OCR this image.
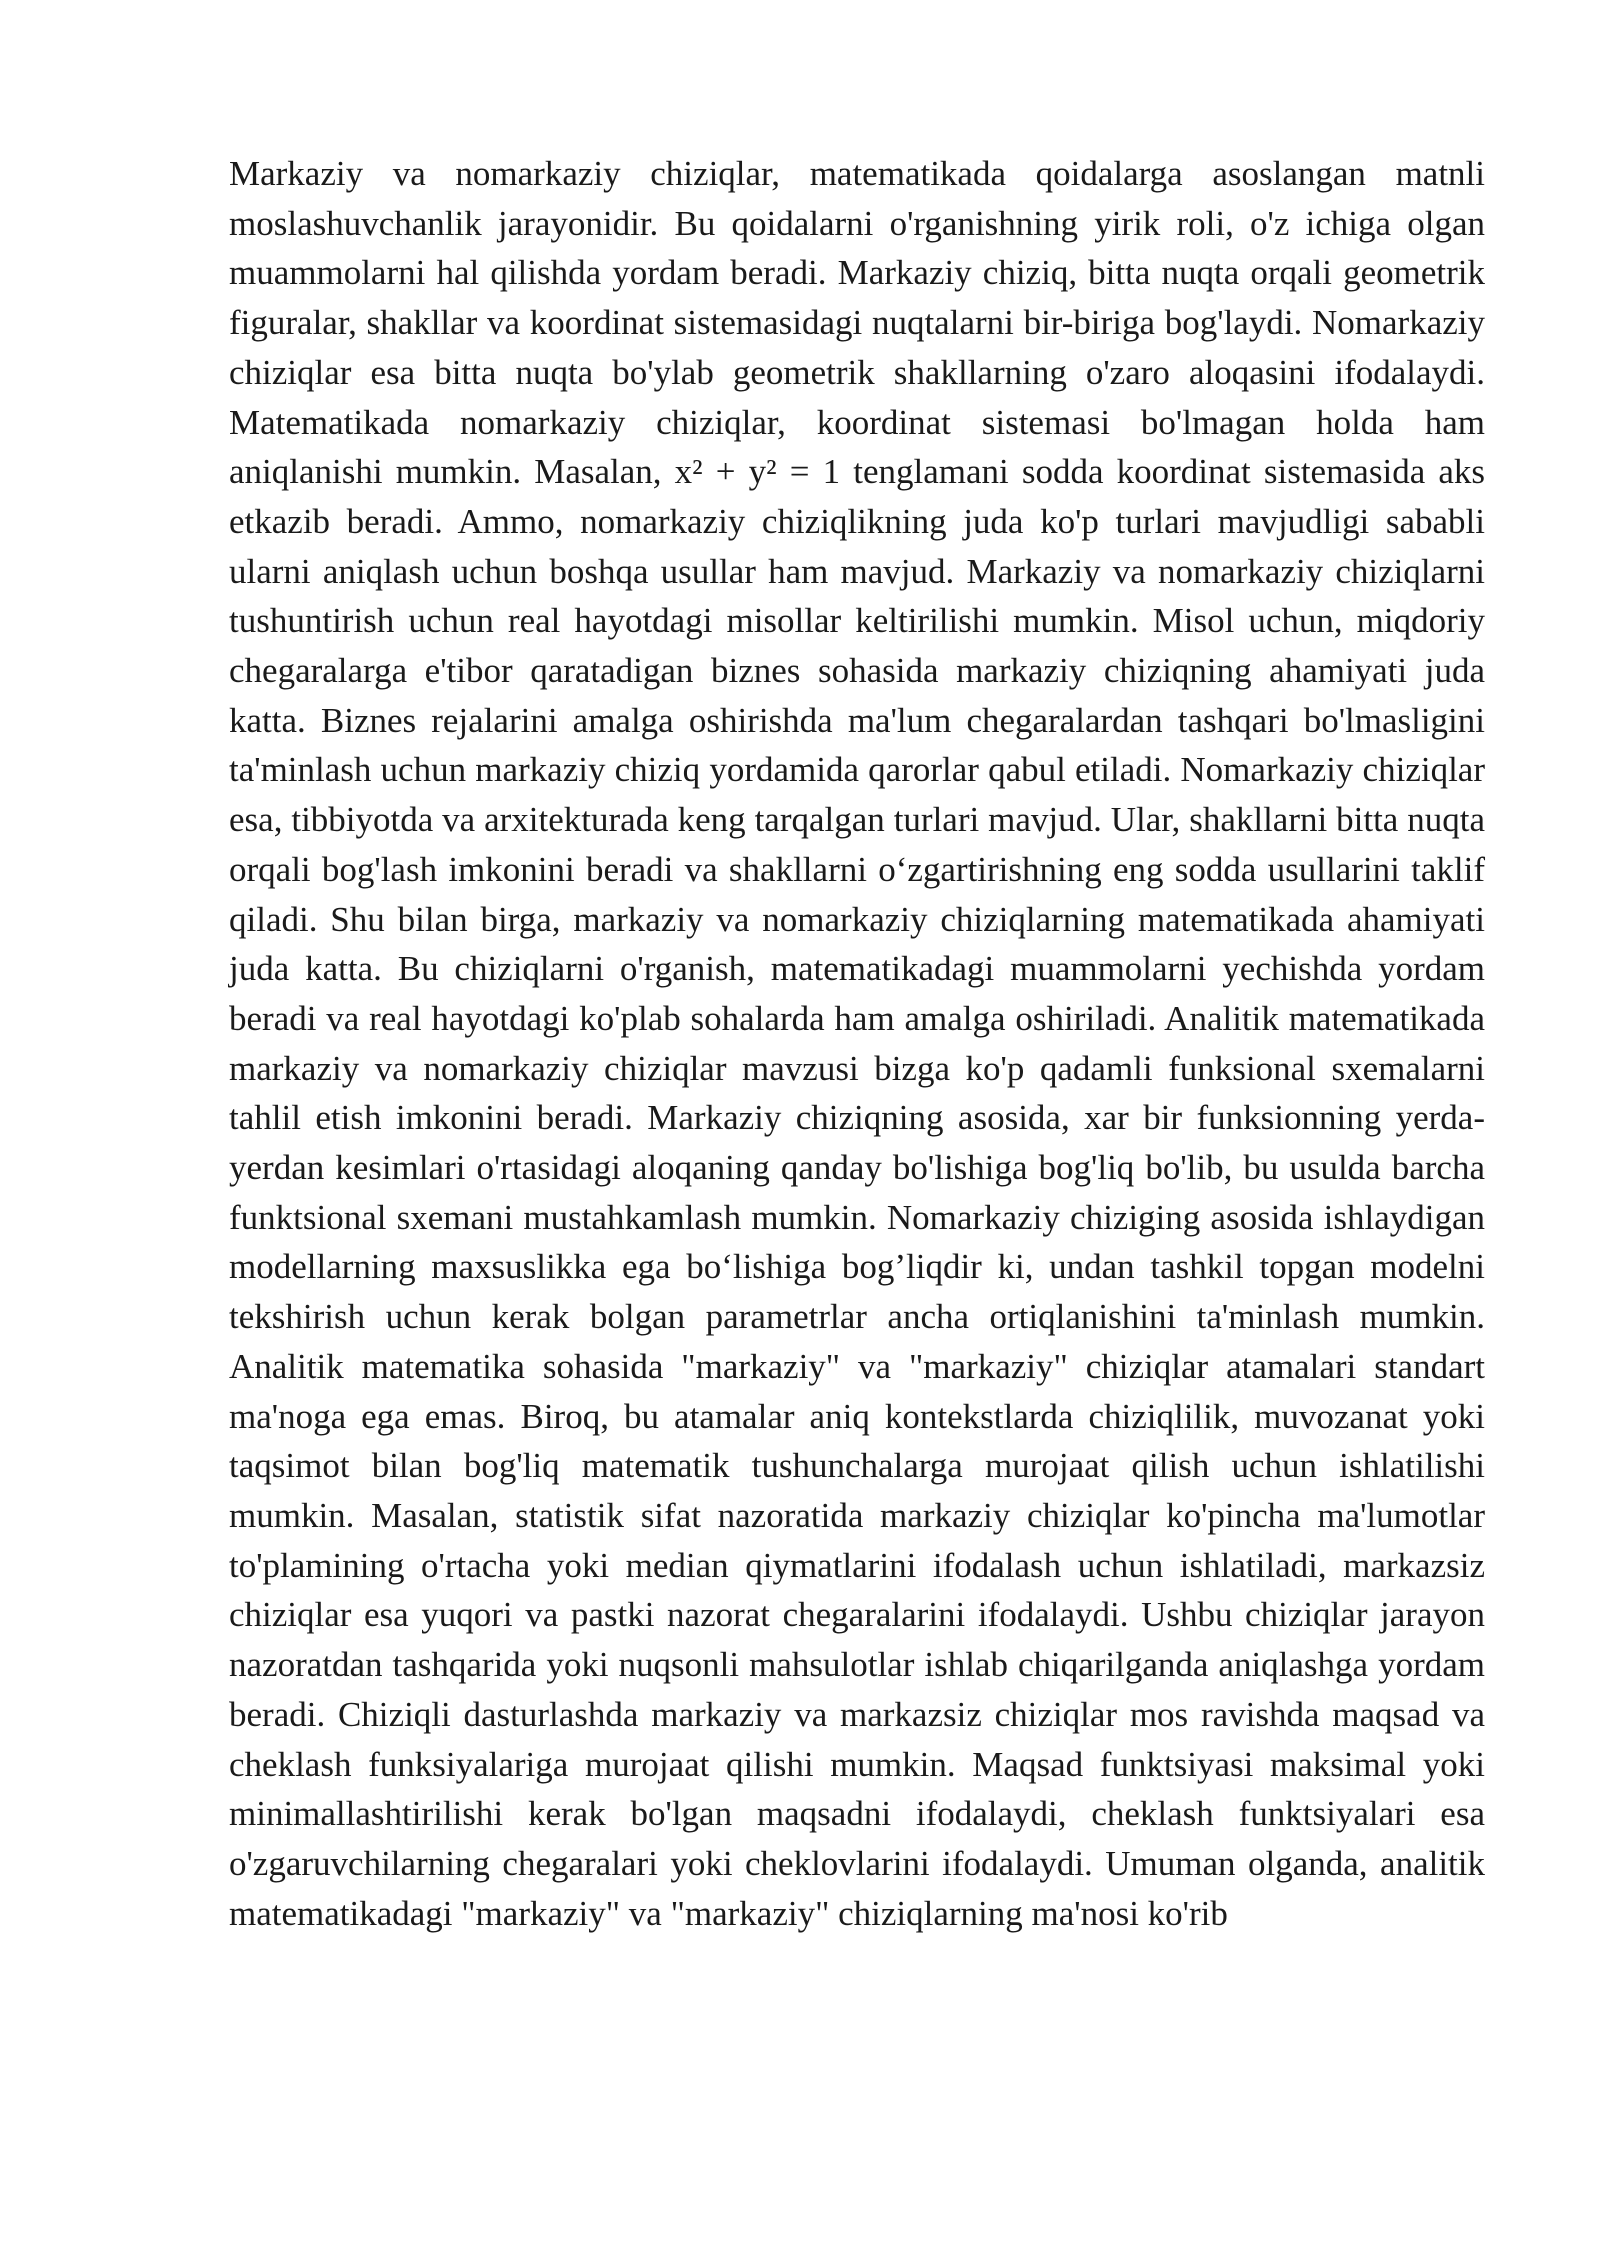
Markaziy va nomarkaziy chiziqlar, matematikada qoidalarga asoslangan matnli moslashuvchanlik jarayonidir. Bu qoidalarni o'rganishning yirik roli, o'z ichiga olgan muammolarni hal qilishda yordam beradi. Markaziy chiziq, bitta nuqta orqali geometrik figuralar, shakllar va koordinat sistemasidagi nuqtalarni bir-biriga bog'laydi. Nomarkaziy chiziqlar esa bitta nuqta bo'ylab geometrik shakllarning o'zaro aloqasini ifodalaydi. Matematikada nomarkaziy chiziqlar, koordinat sistemasi bo'lmagan holda ham aniqlanishi mumkin. Masalan, x² + y² = 1 tenglamani sodda koordinat sistemasida aks etkazib beradi. Ammo, nomarkaziy chiziqlikning juda ko'p turlari mavjudligi sababli ularni aniqlash uchun boshqa usullar ham mavjud. Markaziy va nomarkaziy chiziqlarni tushuntirish uchun real hayotdagi misollar keltirilishi mumkin. Misol uchun, miqdoriy chegaralarga e'tibor qaratadigan biznes sohasida markaziy chiziqning ahamiyati juda katta. Biznes rejalarini amalga oshirishda ma'lum chegaralardan tashqari bo'lmasligini ta'minlash uchun markaziy chiziq yordamida qarorlar qabul etiladi. Nomarkaziy chiziqlar esa, tibbiyotda va arxitekturada keng tarqalgan turlari mavjud. Ular, shakllarni bitta nuqta orqali bog'lash imkonini beradi va shakllarni o‘zgartirishning eng sodda usullarini taklif qiladi. Shu bilan birga, markaziy va nomarkaziy chiziqlarning matematikada ahamiyati juda katta. Bu chiziqlarni o'rganish, matematikadagi muammolarni yechishda yordam beradi va real hayotdagi ko'plab sohalarda ham amalga oshiriladi. Analitik matematikada markaziy va nomarkaziy chiziqlar mavzusi bizga ko'p qadamli funksional sxemalarni tahlil etish imkonini beradi. Markaziy chiziqning asosida, xar bir funksionning yerda-yerdan kesimlari o'rtasidagi aloqaning qanday bo'lishiga bog'liq bo'lib, bu usulda barcha funktsional sxemani mustahkamlash mumkin. Nomarkaziy chiziging asosida ishlaydigan modellarning maxsuslikka ega bo‘lishiga bog’liqdir ki, undan tashkil topgan modelni tekshirish uchun kerak bolgan parametrlar ancha ortiqlanishini ta'minlash mumkin. Analitik matematika sohasida "markaziy" va "markaziy" chiziqlar atamalari standart ma'noga ega emas. Biroq, bu atamalar aniq kontekstlarda chiziqlilik, muvozanat yoki taqsimot bilan bog'liq matematik tushunchalarga murojaat qilish uchun ishlatilishi mumkin. Masalan, statistik sifat nazoratida markaziy chiziqlar ko'pincha ma'lumotlar to'plamining o'rtacha yoki median qiymatlarini ifodalash uchun ishlatiladi, markazsiz chiziqlar esa yuqori va pastki nazorat chegaralarini ifodalaydi. Ushbu chiziqlar jarayon nazoratdan tashqarida yoki nuqsonli mahsulotlar ishlab chiqarilganda aniqlashga yordam beradi. Chiziqli dasturlashda markaziy va markazsiz chiziqlar mos ravishda maqsad va cheklash funksiyalariga murojaat qilishi mumkin. Maqsad funktsiyasi maksimal yoki minimallashtirilishi kerak bo'lgan maqsadni ifodalaydi, cheklash funktsiyalari esa o'zgaruvchilarning chegaralari yoki cheklovlarini ifodalaydi. Umuman olganda, analitik matematikadagi "markaziy" va "markaziy" chiziqlarning ma'nosi ko'rib
